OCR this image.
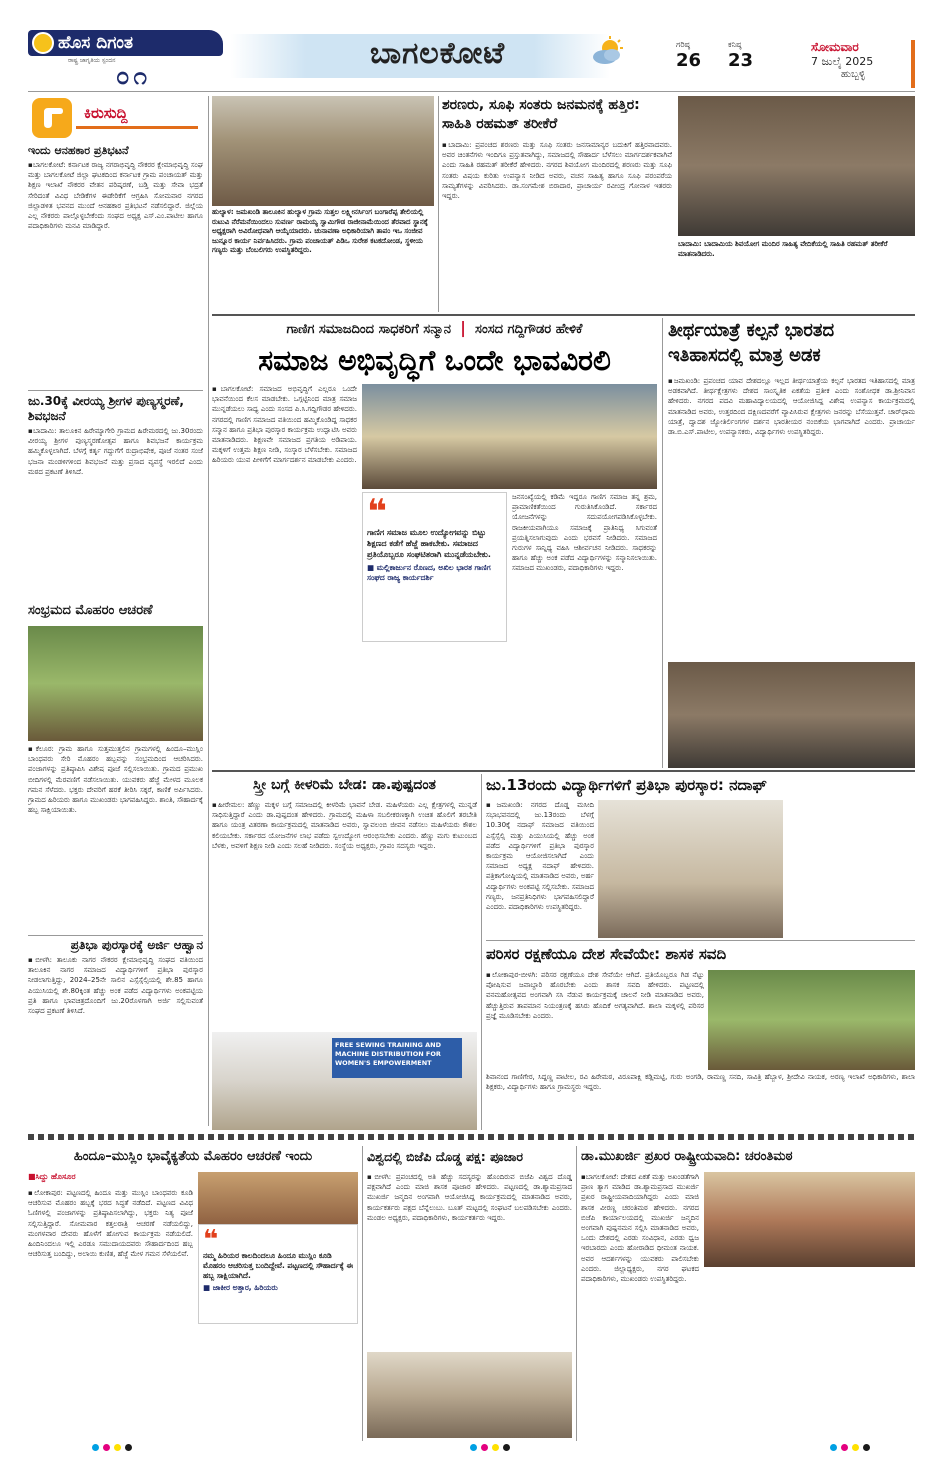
ಹೊಸ ದಿಗಂತ
ರಾಷ್ಟ್ರ ಜಾಗೃತಿಯ ಸ್ಪಂದನ
೦೧
ಬಾಗಲಕೋಟೆ	ಗರಿಷ್ಠ
26
ಕನಿಷ್ಠ
23
ಸೋಮವಾರ
7 ಜುಲೈ 2025
ಹುಬ್ಬಳ್ಳಿ
ಕಿರುಸುದ್ದಿ
ಇಂದು ಆನಹಕಾರ ಪ್ರತಿಭಟನೆ
▪ಬಾಗಲಕೋಟೆ: ಕರ್ನಾಟಕ ರಾಜ್ಯ ನಗರಾಭಿವೃದ್ಧಿ ನೌಕರರ ಕ್ಷೇಮಾಭಿವೃದ್ಧಿ ಸಂಘ ಮತ್ತು ಬಾಗಲಕೋಟೆ ಜಿಲ್ಲಾ ಘಟಕದಿಂದ ಕರ್ನಾಟಕ ಗ್ರಾಮ ಪಂಚಾಯತ್ ಮತ್ತು ಶಿಕ್ಷಣ ಇಲಾಖೆ ನೌಕರರ ವೇತನ ಪರಿಷ್ಕರಣೆ, ಬಡ್ತಿ ಮತ್ತು ಸೇವಾ ಭದ್ರತೆ ಸೇರಿದಂತೆ ವಿವಿಧ ಬೇಡಿಕೆಗಳ ಈಡೇರಿಕೆಗೆ ಆಗ್ರಹಿಸಿ ಸೋಮವಾರ ನಗರದ ಜಿಲ್ಲಾಡಳಿತ ಭವನದ ಮುಂದೆ ಆನಹಕಾರ ಪ್ರತಿಭಟನೆ ನಡೆಸಲಿದ್ದಾರೆ. ಜಿಲ್ಲೆಯ ಎಲ್ಲ ನೌಕರರು ಪಾಲ್ಗೊಳ್ಳಬೇಕೆಂದು ಸಂಘದ ಅಧ್ಯಕ್ಷ ಎಸ್.ಎಂ.ಪಾಟೀಲ ಹಾಗೂ ಪದಾಧಿಕಾರಿಗಳು ಮನವಿ ಮಾಡಿದ್ದಾರೆ.
ಜು.30ಕ್ಕೆ ವೀರಯ್ಯ ಶ್ರೀಗಳ ಪುಣ್ಯಸ್ಮರಣೆ, ಶಿವಭಜನೆ
▪ಬಾದಾಮಿ: ತಾಲೂಕಿನ ಹಿರೇಮ್ಯಾಗೇರಿ ಗ್ರಾಮದ ಹಿರೇಮಠದಲ್ಲಿ ಜು.30ರಂದು ವೀರಯ್ಯ ಶ್ರೀಗಳ ಪುಣ್ಯಸ್ಮರಣೋತ್ಸವ ಹಾಗೂ ಶಿವಭಜನೆ ಕಾರ್ಯಕ್ರಮ ಹಮ್ಮಿಕೊಳ್ಳಲಾಗಿದೆ. ಬೆಳಗ್ಗೆ ಕರ್ತೃ ಗದ್ದುಗೆಗೆ ರುದ್ರಾಭಿಷೇಕ, ಪೂಜೆ ನಂತರ ಸಂಜೆ ಭಜನಾ ಮಂಡಳಿಗಳಿಂದ ಶಿವಭಜನೆ ಮತ್ತು ಪ್ರಸಾದ ವ್ಯವಸ್ಥೆ ಇರಲಿದೆ ಎಂದು ಮಠದ ಪ್ರಕಟಣೆ ತಿಳಿಸಿದೆ.
ಸಂಭ್ರಮದ ಮೊಹರಂ ಆಚರಣೆ
▪ಕೆಲೂರ: ಗ್ರಾಮ ಹಾಗೂ ಸುತ್ತಮುತ್ತಲಿನ ಗ್ರಾಮಗಳಲ್ಲಿ ಹಿಂದೂ–ಮುಸ್ಲಿಂ ಬಾಂಧವರು ಸೇರಿ ಮೊಹರಂ ಹಬ್ಬವನ್ನು ಸಂಭ್ರಮದಿಂದ ಆಚರಿಸಿದರು. ಪಂಜಾಗಳನ್ನು ಪ್ರತಿಷ್ಠಾಪಿಸಿ ವಿಶೇಷ ಪೂಜೆ ಸಲ್ಲಿಸಲಾಯಿತು. ಗ್ರಾಮದ ಪ್ರಮುಖ ಬೀದಿಗಳಲ್ಲಿ ಮೆರವಣಿಗೆ ನಡೆಸಲಾಯಿತು. ಯುವಕರು ಹೆಜ್ಜೆ ಮೇಳದ ಮೂಲಕ ಗಮನ ಸೆಳೆದರು. ಭಕ್ತರು ದೇವರಿಗೆ ಹರಕೆ ತೀರಿಸಿ ಸಕ್ಕರೆ, ಕಾಣಿಕೆ ಅರ್ಪಿಸಿದರು. ಗ್ರಾಮದ ಹಿರಿಯರು ಹಾಗೂ ಮುಖಂಡರು ಭಾಗವಹಿಸಿದ್ದರು. ಶಾಂತಿ, ಸೌಹಾರ್ದಕ್ಕೆ ಹಬ್ಬ ಸಾಕ್ಷಿಯಾಯಿತು.
ಪ್ರತಿಭಾ ಪುರಸ್ಕಾರಕ್ಕೆ ಅರ್ಜಿ ಆಹ್ವಾನ
▪ಬೀಳಗಿ: ತಾಲೂಕು ನಾಗರ ನೌಕರರ ಕ್ಷೇಮಾಭಿವೃದ್ಧಿ ಸಂಘದ ವತಿಯಿಂದ ತಾಲೂಕಿನ ನಾಗರ ಸಮಾಜದ ವಿದ್ಯಾರ್ಥಿಗಳಿಗೆ ಪ್ರತಿಭಾ ಪುರಸ್ಕಾರ ನೀಡಲಾಗುತ್ತಿದ್ದು, 2024–25ನೇ ಸಾಲಿನ ಎಸ್ಸೆಸ್ಸೆಲ್ಸಿಯಲ್ಲಿ ಶೇ.85 ಹಾಗೂ ಪಿಯುಸಿಯಲ್ಲಿ ಶೇ.80ಕ್ಕಿಂತ ಹೆಚ್ಚು ಅಂಕ ಪಡೆದ ವಿದ್ಯಾರ್ಥಿಗಳು ಅಂಕಪಟ್ಟಿಯ ಪ್ರತಿ ಹಾಗೂ ಭಾವಚಿತ್ರದೊಂದಿಗೆ ಜು.20ರೊಳಗಾಗಿ ಅರ್ಜಿ ಸಲ್ಲಿಸುವಂತೆ ಸಂಘದ ಪ್ರಕಟಣೆ ತಿಳಿಸಿದೆ.
ಹುಲ್ಯಾಳ: ಜಮಖಂಡಿ ತಾಲೂಕಿನ ಹುಲ್ಯಾಳ ಗ್ರಾಮ ಸುತ್ತಲ ಲಕ್ಷ್ಮೀನರ್ಸಿಂಗ ಬಂಗಾರೆಪ್ಪ ತೇಲಿಯಲ್ಲಿ ರುಟುವಿ ನೆರೆಮನೆಯಿಂದಲು ಸುವರ್ಣ ರಾಮಯ್ಯ ಸ್ವಾಮಿಗೌಡ ರಾಜೀನಾಮೆಯಿಂದ ತೆರವಾದ ಸ್ಥಾನಕ್ಕೆ ಅಧ್ಯಕ್ಷರಾಗಿ ಅವಿರೋಧವಾಗಿ ಆಯ್ಕೆಯಾದರು. ಚುನಾವಣಾ ಅಧಿಕಾರಿಯಾಗಿ ತಾಪಂ ಇಒ ಸಂಜೀವ ಜುನ್ನೂರ ಕಾರ್ಯ ನಿರ್ವಹಿಸಿದರು. ಗ್ರಾಮ ಪಂಚಾಯತ್ ಪಿಡಿಒ ಸುರೇಶ ಕಟಕದೋಂಡ, ಸ್ಥಳೀಯ ಗಣ್ಯರು ಮತ್ತು ಬೆಂಬಲಿಗರು ಉಪಸ್ಥಿತರಿದ್ದರು.
ಶರಣರು, ಸೂಫಿ ಸಂತರು ಜನಮನಕ್ಕೆ ಹತ್ತಿರ: ಸಾಹಿತಿ ರಹಮತ್ ತರೀಕೆರೆ
▪ಬಾದಾಮಿ: ಪ್ರಪಂಚದ ಶರಣರು ಮತ್ತು ಸೂಫಿ ಸಂತರು ಜನಸಾಮಾನ್ಯರ ಬದುಕಿಗೆ ಹತ್ತಿರವಾದವರು. ಅವರ ಚಿಂತನೆಗಳು ಇಂದಿಗೂ ಪ್ರಸ್ತುತವಾಗಿದ್ದು, ಸಮಾಜದಲ್ಲಿ ಸೌಹಾರ್ದ ಬೆಳೆಸಲು ಮಾರ್ಗದರ್ಶಕವಾಗಿವೆ ಎಂದು ಸಾಹಿತಿ ರಹಮತ್ ತರೀಕೆರೆ ಹೇಳಿದರು. ನಗರದ ಶಿವಯೋಗ ಮಂದಿರದಲ್ಲಿ ಶರಣರು ಮತ್ತು ಸೂಫಿ ಸಂತರು ವಿಷಯ ಕುರಿತು ಉಪನ್ಯಾಸ ನೀಡಿದ ಅವರು, ವಚನ ಸಾಹಿತ್ಯ ಹಾಗೂ ಸೂಫಿ ಪರಂಪರೆಯ ಸಾಮ್ಯತೆಗಳನ್ನು ವಿವರಿಸಿದರು. ಡಾ.ಸಂಗಮೇಶ ಬಿರಾದಾರ, ಪ್ರಾಚಾರ್ಯ ರವೀಂದ್ರ ಗೋನಾಳ ಇತರರು ಇದ್ದರು.
ಬಾದಾಮಿ: ಬಾದಾಮಿಯ ಶಿವಯೋಗ ಮಂದಿರ ಸಾಹಿತ್ಯ ವೇದಿಕೆಯಲ್ಲಿ ಸಾಹಿತಿ ರಹಮತ್ ತರೀಕೆರೆ ಮಾತನಾಡಿದರು.
ಗಾಣಿಗ ಸಮಾಜದಿಂದ ಸಾಧಕರಿಗೆ ಸನ್ಮಾನ | ಸಂಸದ ಗದ್ದಿಗೌಡರ ಹೇಳಿಕೆ
ಸಮಾಜ ಅಭಿವೃದ್ಧಿಗೆ ಒಂದೇ ಭಾವವಿರಲಿ
▪ಬಾಗಲಕೋಟೆ: ಸಮಾಜದ ಅಭಿವೃದ್ಧಿಗೆ ಎಲ್ಲರೂ ಒಂದೇ ಭಾವನೆಯಿಂದ ಕೆಲಸ ಮಾಡಬೇಕು. ಒಗ್ಗಟ್ಟಿನಿಂದ ಮಾತ್ರ ಸಮಾಜ ಮುನ್ನಡೆಯಲು ಸಾಧ್ಯ ಎಂದು ಸಂಸದ ಪಿ.ಸಿ.ಗದ್ದಿಗೌಡರ ಹೇಳಿದರು. ನಗರದಲ್ಲಿ ಗಾಣಿಗ ಸಮಾಜದ ವತಿಯಿಂದ ಹಮ್ಮಿಕೊಂಡಿದ್ದ ಸಾಧಕರ ಸನ್ಮಾನ ಹಾಗೂ ಪ್ರತಿಭಾ ಪುರಸ್ಕಾರ ಕಾರ್ಯಕ್ರಮ ಉದ್ಘಾಟಿಸಿ ಅವರು ಮಾತನಾಡಿದರು. ಶಿಕ್ಷಣವೇ ಸಮಾಜದ ಪ್ರಗತಿಯ ಅಡಿಪಾಯ. ಮಕ್ಕಳಿಗೆ ಉತ್ತಮ ಶಿಕ್ಷಣ ನೀಡಿ, ಸಂಸ್ಕಾರ ಬೆಳೆಸಬೇಕು. ಸಮಾಜದ ಹಿರಿಯರು ಯುವ ಪೀಳಿಗೆಗೆ ಮಾರ್ಗದರ್ಶನ ಮಾಡಬೇಕು ಎಂದರು.
❝
ಗಾಣಿಗ ಸಮಾಜ ಮೂಲ ಉದ್ಯೋಗವನ್ನು ಬಿಟ್ಟು ಶಿಕ್ಷಣದ ಕಡೆಗೆ ಹೆಜ್ಜೆ ಹಾಕಬೇಕು. ಸಮಾಜದ ಪ್ರತಿಯೊಬ್ಬರೂ ಸಂಘಟಿತರಾಗಿ ಮುನ್ನಡೆಯಬೇಕು.
■ ಮಲ್ಲಿಕಾರ್ಜುನ ರೊಣದ, ಅಖಿಲ ಭಾರತ ಗಾಣಿಗ ಸಂಘದ ರಾಜ್ಯ ಕಾರ್ಯದರ್ಶಿ
ಜನಸಂಖ್ಯೆಯಲ್ಲಿ ಕಡಿಮೆ ಇದ್ದರೂ ಗಾಣಿಗ ಸಮಾಜ ತನ್ನ ಶ್ರಮ, ಪ್ರಾಮಾಣಿಕತೆಯಿಂದ ಗುರುತಿಸಿಕೊಂಡಿದೆ. ಸರ್ಕಾರದ ಯೋಜನೆಗಳನ್ನು ಸದುಪಯೋಗಪಡಿಸಿಕೊಳ್ಳಬೇಕು. ರಾಜಕೀಯವಾಗಿಯೂ ಸಮಾಜಕ್ಕೆ ಪ್ರಾತಿನಿಧ್ಯ ಸಿಗುವಂತೆ ಪ್ರಯತ್ನಿಸಲಾಗುವುದು ಎಂದು ಭರವಸೆ ನೀಡಿದರು. ಸಮಾಜದ ಗುರುಗಳ ಸಾನ್ನಿಧ್ಯ ವಹಿಸಿ ಆಶೀರ್ವಚನ ನೀಡಿದರು. ಸಾಧಕರನ್ನು ಹಾಗೂ ಹೆಚ್ಚು ಅಂಕ ಪಡೆದ ವಿದ್ಯಾರ್ಥಿಗಳನ್ನು ಸನ್ಮಾನಿಸಲಾಯಿತು. ಸಮಾಜದ ಮುಖಂಡರು, ಪದಾಧಿಕಾರಿಗಳು ಇದ್ದರು.
ತೀರ್ಥಯಾತ್ರೆ ಕಲ್ಪನೆ ಭಾರತದ ಇತಿಹಾಸದಲ್ಲಿ ಮಾತ್ರ ಅಡಕ
▪ಜಮಖಂಡಿ: ಪ್ರಪಂಚದ ಯಾವ ದೇಶದಲ್ಲೂ ಇಲ್ಲದ ತೀರ್ಥಯಾತ್ರೆಯ ಕಲ್ಪನೆ ಭಾರತದ ಇತಿಹಾಸದಲ್ಲಿ ಮಾತ್ರ ಅಡಕವಾಗಿದೆ. ತೀರ್ಥಕ್ಷೇತ್ರಗಳು ದೇಶದ ಸಾಂಸ್ಕೃತಿಕ ಏಕತೆಯ ಪ್ರತೀಕ ಎಂದು ಸಂಶೋಧಕ ಡಾ.ಶ್ರೀನಿವಾಸ ಹೇಳಿದರು. ನಗರದ ಪದವಿ ಮಹಾವಿದ್ಯಾಲಯದಲ್ಲಿ ಆಯೋಜಿಸಿದ್ದ ವಿಶೇಷ ಉಪನ್ಯಾಸ ಕಾರ್ಯಕ್ರಮದಲ್ಲಿ ಮಾತನಾಡಿದ ಅವರು, ಉತ್ತರದಿಂದ ದಕ್ಷಿಣದವರೆಗೆ ವ್ಯಾಪಿಸಿರುವ ಕ್ಷೇತ್ರಗಳು ಜನರನ್ನು ಬೆಸೆಯುತ್ತವೆ. ಚಾರ್‌ಧಾಮ ಯಾತ್ರೆ, ದ್ವಾದಶ ಜ್ಯೋತಿರ್ಲಿಂಗಗಳ ದರ್ಶನ ಭಾರತೀಯರ ನಂಬಿಕೆಯ ಭಾಗವಾಗಿದೆ ಎಂದರು. ಪ್ರಾಚಾರ್ಯ ಡಾ.ಬಿ.ಎಸ್.ಪಾಟೀಲ, ಉಪನ್ಯಾಸಕರು, ವಿದ್ಯಾರ್ಥಿಗಳು ಉಪಸ್ಥಿತರಿದ್ದರು.
ಸ್ತ್ರೀ ಬಗ್ಗೆ ಕೀಳರಿಮೆ ಬೇಡ: ಡಾ.ಪುಷ್ಪದಂತ
▪ಹೀರೇಮಲ: ಹೆಣ್ಣು ಮಕ್ಕಳ ಬಗ್ಗೆ ಸಮಾಜದಲ್ಲಿ ಕೀಳರಿಮೆ ಭಾವನೆ ಬೇಡ. ಮಹಿಳೆಯರು ಎಲ್ಲ ಕ್ಷೇತ್ರಗಳಲ್ಲಿ ಮುನ್ನಡೆ ಸಾಧಿಸುತ್ತಿದ್ದಾರೆ ಎಂದು ಡಾ.ಪುಷ್ಪದಂತ ಹೇಳಿದರು. ಗ್ರಾಮದಲ್ಲಿ ಮಹಿಳಾ ಸಬಲೀಕರಣಕ್ಕಾಗಿ ಉಚಿತ ಹೊಲಿಗೆ ತರಬೇತಿ ಹಾಗೂ ಯಂತ್ರ ವಿತರಣಾ ಕಾರ್ಯಕ್ರಮದಲ್ಲಿ ಮಾತನಾಡಿದ ಅವರು, ಸ್ವಾವಲಂಬಿ ಜೀವನ ನಡೆಸಲು ಮಹಿಳೆಯರು ಕೌಶಲ ಕಲಿಯಬೇಕು. ಸರ್ಕಾರದ ಯೋಜನೆಗಳ ಲಾಭ ಪಡೆದು ಸ್ವಉದ್ಯೋಗ ಆರಂಭಿಸಬೇಕು ಎಂದರು. ಹೆಣ್ಣು ಮಗು ಕುಟುಂಬದ ಬೆಳಕು, ಅವಳಿಗೆ ಶಿಕ್ಷಣ ನೀಡಿ ಎಂದು ಸಲಹೆ ನೀಡಿದರು. ಸಂಸ್ಥೆಯ ಅಧ್ಯಕ್ಷರು, ಗ್ರಾಪಂ ಸದಸ್ಯರು ಇದ್ದರು.
FREE SEWING TRAINING AND MACHINE DISTRIBUTION FOR WOMEN'S EMPOWERMENT
ಜು.13ರಂದು ವಿದ್ಯಾರ್ಥಿಗಳಿಗೆ ಪ್ರತಿಭಾ ಪುರಸ್ಕಾರ: ನದಾಫ್
▪ಜಮಖಂಡಿ: ನಗರದ ದೊಡ್ಡ ಮಸೀದಿ ಸಭಾಭವನದಲ್ಲಿ ಜು.13ರಂದು ಬೆಳಗ್ಗೆ 10.30ಕ್ಕೆ ನದಾಫ್ ಸಮಾಜದ ವತಿಯಿಂದ ಎಸ್ಸೆಸ್ಸೆಲ್ಸಿ ಮತ್ತು ಪಿಯುಸಿಯಲ್ಲಿ ಹೆಚ್ಚು ಅಂಕ ಪಡೆದ ವಿದ್ಯಾರ್ಥಿಗಳಿಗೆ ಪ್ರತಿಭಾ ಪುರಸ್ಕಾರ ಕಾರ್ಯಕ್ರಮ ಆಯೋಜಿಸಲಾಗಿದೆ ಎಂದು ಸಮಾಜದ ಅಧ್ಯಕ್ಷ ನದಾಫ್ ಹೇಳಿದರು. ಪತ್ರಿಕಾಗೋಷ್ಠಿಯಲ್ಲಿ ಮಾತನಾಡಿದ ಅವರು, ಅರ್ಹ ವಿದ್ಯಾರ್ಥಿಗಳು ಅಂಕಪಟ್ಟಿ ಸಲ್ಲಿಸಬೇಕು. ಸಮಾಜದ ಗಣ್ಯರು, ಜನಪ್ರತಿನಿಧಿಗಳು ಭಾಗವಹಿಸಲಿದ್ದಾರೆ ಎಂದರು. ಪದಾಧಿಕಾರಿಗಳು ಉಪಸ್ಥಿತರಿದ್ದರು.
ಪರಿಸರ ರಕ್ಷಣೆಯೂ ದೇಶ ಸೇವೆಯೇ: ಶಾಸಕ ಸವದಿ
▪ಲೋಕಾಪುರ-ಬೀಳಗಿ: ಪರಿಸರ ರಕ್ಷಣೆಯೂ ದೇಶ ಸೇವೆಯೇ ಆಗಿದೆ. ಪ್ರತಿಯೊಬ್ಬರೂ ಗಿಡ ನೆಟ್ಟು ಪೋಷಿಸುವ ಜವಾಬ್ದಾರಿ ಹೊರಬೇಕು ಎಂದು ಶಾಸಕ ಸವದಿ ಹೇಳಿದರು. ಪಟ್ಟಣದಲ್ಲಿ ವನಮಹೋತ್ಸವದ ಅಂಗವಾಗಿ ಸಸಿ ನೆಡುವ ಕಾರ್ಯಕ್ರಮಕ್ಕೆ ಚಾಲನೆ ನೀಡಿ ಮಾತನಾಡಿದ ಅವರು, ಹೆಚ್ಚುತ್ತಿರುವ ತಾಪಮಾನ ನಿಯಂತ್ರಣಕ್ಕೆ ಹಸಿರು ಹೊದಿಕೆ ಅಗತ್ಯವಾಗಿದೆ. ಶಾಲಾ ಮಕ್ಕಳಲ್ಲಿ ಪರಿಸರ ಪ್ರಜ್ಞೆ ಮೂಡಿಸಬೇಕು ಎಂದರು.
ಶಿವಾನಂದ ಗಾಣಿಗೇರ, ಸಿದ್ದಣ್ಣ ಪಾಟೀಲ, ರವಿ ಹಿರೇಮಠ, ವಿರೂಪಾಕ್ಷಿ ಕಡ್ಲಿಮಟ್ಟಿ, ಗುರು ಅಂಗಡಿ, ರಾಮಣ್ಣ ಸನದಿ, ಸಾವಿತ್ರಿ ಹೆಬ್ಬಾಳ, ಶ್ರೀದೇವಿ ನಾಯಕ, ಅರಣ್ಯ ಇಲಾಖೆ ಅಧಿಕಾರಿಗಳು, ಶಾಲಾ ಶಿಕ್ಷಕರು, ವಿದ್ಯಾರ್ಥಿಗಳು ಹಾಗೂ ಗ್ರಾಮಸ್ಥರು ಇದ್ದರು.
ಹಿಂದೂ–ಮುಸ್ಲಿಂ ಭಾವೈಕ್ಯತೆಯ ಮೊಹರಂ ಆಚರಣೆ ಇಂದು
■ಸಿದ್ದು ಹೊಸೂರ
▪ಲೋಕಾಪುರ: ಪಟ್ಟಣದಲ್ಲಿ ಹಿಂದೂ ಮತ್ತು ಮುಸ್ಲಿಂ ಬಾಂಧವರು ಕೂಡಿ ಆಚರಿಸುವ ಮೊಹರಂ ಹಬ್ಬಕ್ಕೆ ಭರದ ಸಿದ್ಧತೆ ನಡೆದಿದೆ. ಪಟ್ಟಣದ ವಿವಿಧ ಓಣಿಗಳಲ್ಲಿ ಪಂಜಾಗಳನ್ನು ಪ್ರತಿಷ್ಠಾಪಿಸಲಾಗಿದ್ದು, ಭಕ್ತರು ನಿತ್ಯ ಪೂಜೆ ಸಲ್ಲಿಸುತ್ತಿದ್ದಾರೆ. ಸೋಮವಾರ ಕತ್ತಲರಾತ್ರಿ ಆಚರಣೆ ನಡೆಯಲಿದ್ದು, ಮಂಗಳವಾರ ದೇವರು ಹೊಳೆಗೆ ಹೋಗುವ ಕಾರ್ಯಕ್ರಮ ನಡೆಯಲಿದೆ. ಹಿಂದಿನಿಂದಲೂ ಇಲ್ಲಿ ಎರಡೂ ಸಮುದಾಯದವರು ಸೌಹಾರ್ದದಿಂದ ಹಬ್ಬ ಆಚರಿಸುತ್ತ ಬಂದಿದ್ದು, ಅಲಾಯಿ ಕುಣಿತ, ಹೆಜ್ಜೆ ಮೇಳ ಗಮನ ಸೆಳೆಯಲಿವೆ. ❝
ನಮ್ಮ ಹಿರಿಯರ ಕಾಲದಿಂದಲೂ ಹಿಂದೂ ಮುಸ್ಲಿಂ ಕೂಡಿ ಮೊಹರಂ ಆಚರಿಸುತ್ತ ಬಂದಿದ್ದೇವೆ. ಪಟ್ಟಣದಲ್ಲಿ ಸೌಹಾರ್ದಕ್ಕೆ ಈ ಹಬ್ಬ ಸಾಕ್ಷಿಯಾಗಿದೆ.
■ ಜಾಕೀರ ಅತ್ತಾರ, ಹಿರಿಯರು
ವಿಶ್ವದಲ್ಲಿ ಬಿಜೆಪಿ ದೊಡ್ಡ ಪಕ್ಷ: ಪೂಜಾರ
▪ಬೀಳಗಿ: ಪ್ರಪಂಚದಲ್ಲಿ ಅತಿ ಹೆಚ್ಚು ಸದಸ್ಯರನ್ನು ಹೊಂದಿರುವ ಬಿಜೆಪಿ ವಿಶ್ವದ ದೊಡ್ಡ ಪಕ್ಷವಾಗಿದೆ ಎಂದು ಮಾಜಿ ಶಾಸಕ ಪೂಜಾರ ಹೇಳಿದರು. ಪಟ್ಟಣದಲ್ಲಿ ಡಾ.ಶ್ಯಾಮಪ್ರಸಾದ ಮುಖರ್ಜಿ ಜನ್ಮದಿನ ಅಂಗವಾಗಿ ಆಯೋಜಿಸಿದ್ದ ಕಾರ್ಯಕ್ರಮದಲ್ಲಿ ಮಾತನಾಡಿದ ಅವರು, ಕಾರ್ಯಕರ್ತರು ಪಕ್ಷದ ಬೆನ್ನೆಲುಬು. ಬೂತ್ ಮಟ್ಟದಲ್ಲಿ ಸಂಘಟನೆ ಬಲಪಡಿಸಬೇಕು ಎಂದರು. ಮಂಡಲ ಅಧ್ಯಕ್ಷರು, ಪದಾಧಿಕಾರಿಗಳು, ಕಾರ್ಯಕರ್ತರು ಇದ್ದರು.
ಡಾ.ಮುಖರ್ಜಿ ಪ್ರಖರ ರಾಷ್ಟ್ರೀಯವಾದಿ: ಚರಂತಿಮಠ
▪ಬಾಗಲಕೋಟೆ: ದೇಶದ ಏಕತೆ ಮತ್ತು ಅಖಂಡತೆಗಾಗಿ ಪ್ರಾಣ ತ್ಯಾಗ ಮಾಡಿದ ಡಾ.ಶ್ಯಾಮಪ್ರಸಾದ ಮುಖರ್ಜಿ ಪ್ರಖರ ರಾಷ್ಟ್ರೀಯವಾದಿಯಾಗಿದ್ದರು ಎಂದು ಮಾಜಿ ಶಾಸಕ ವೀರಣ್ಣ ಚರಂತಿಮಠ ಹೇಳಿದರು. ನಗರದ ಬಿಜೆಪಿ ಕಾರ್ಯಾಲಯದಲ್ಲಿ ಮುಖರ್ಜಿ ಜನ್ಮದಿನ ಅಂಗವಾಗಿ ಪುಷ್ಪನಮನ ಸಲ್ಲಿಸಿ ಮಾತನಾಡಿದ ಅವರು, ಒಂದು ದೇಶದಲ್ಲಿ ಎರಡು ಸಂವಿಧಾನ, ಎರಡು ಧ್ವಜ ಇರಬಾರದು ಎಂದು ಹೋರಾಡಿದ ಧೀಮಂತ ನಾಯಕ. ಅವರ ಆದರ್ಶಗಳನ್ನು ಯುವಕರು ಪಾಲಿಸಬೇಕು ಎಂದರು. ಜಿಲ್ಲಾಧ್ಯಕ್ಷರು, ನಗರ ಘಟಕದ ಪದಾಧಿಕಾರಿಗಳು, ಮುಖಂಡರು ಉಪಸ್ಥಿತರಿದ್ದರು.
